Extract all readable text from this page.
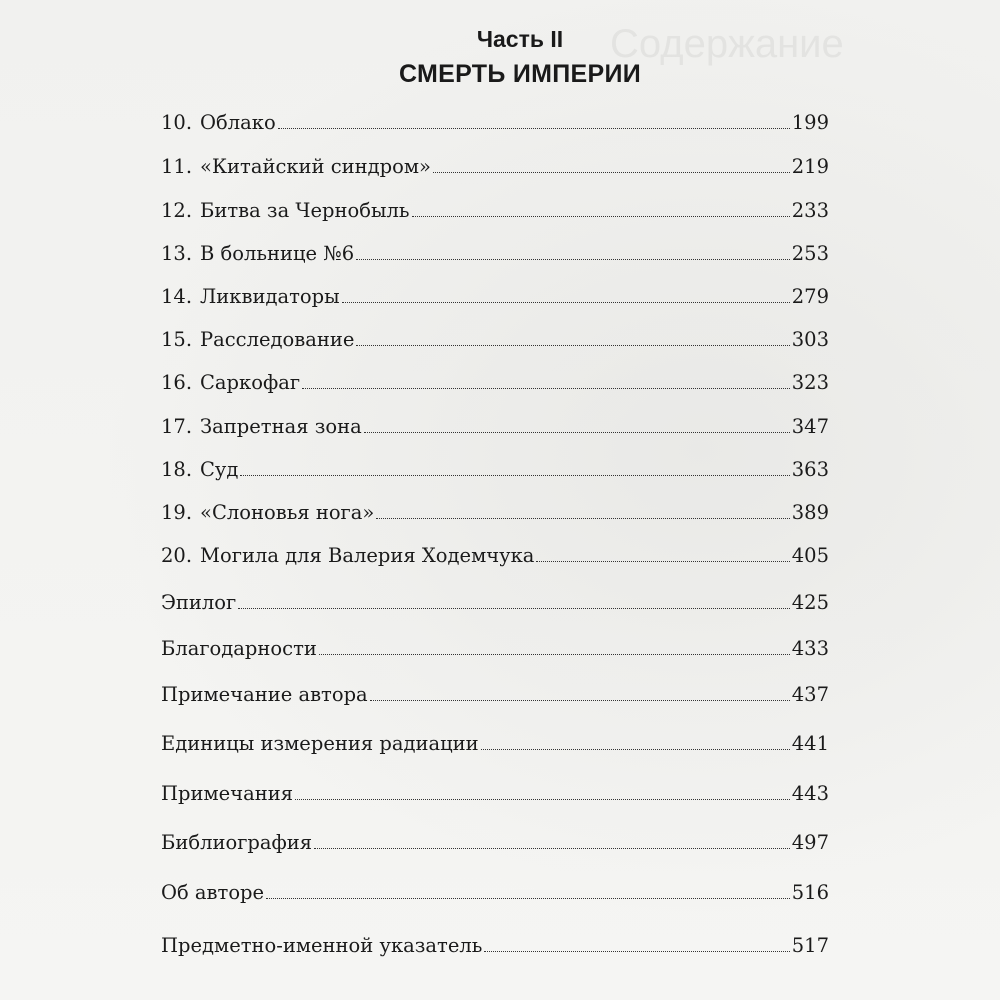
Содержание
Часть II
СМЕРТЬ ИМПЕРИИ
10. Облако	199
11. «Китайский синдром»	219
12. Битва за Чернобыль	233
13. В больнице №6	253
14. Ликвидаторы	279
15. Расследование	303
16. Саркофаг	323
17. Запретная зона	347
18. Суд	363
19. «Слоновья нога»	389
20. Могила для Валерия Ходемчука	405
Эпилог	425
Благодарности	433
Примечание автора	437
Единицы измерения радиации	441
Примечания	443
Библиография	497
Об авторе	516
Предметно-именной указатель	517
